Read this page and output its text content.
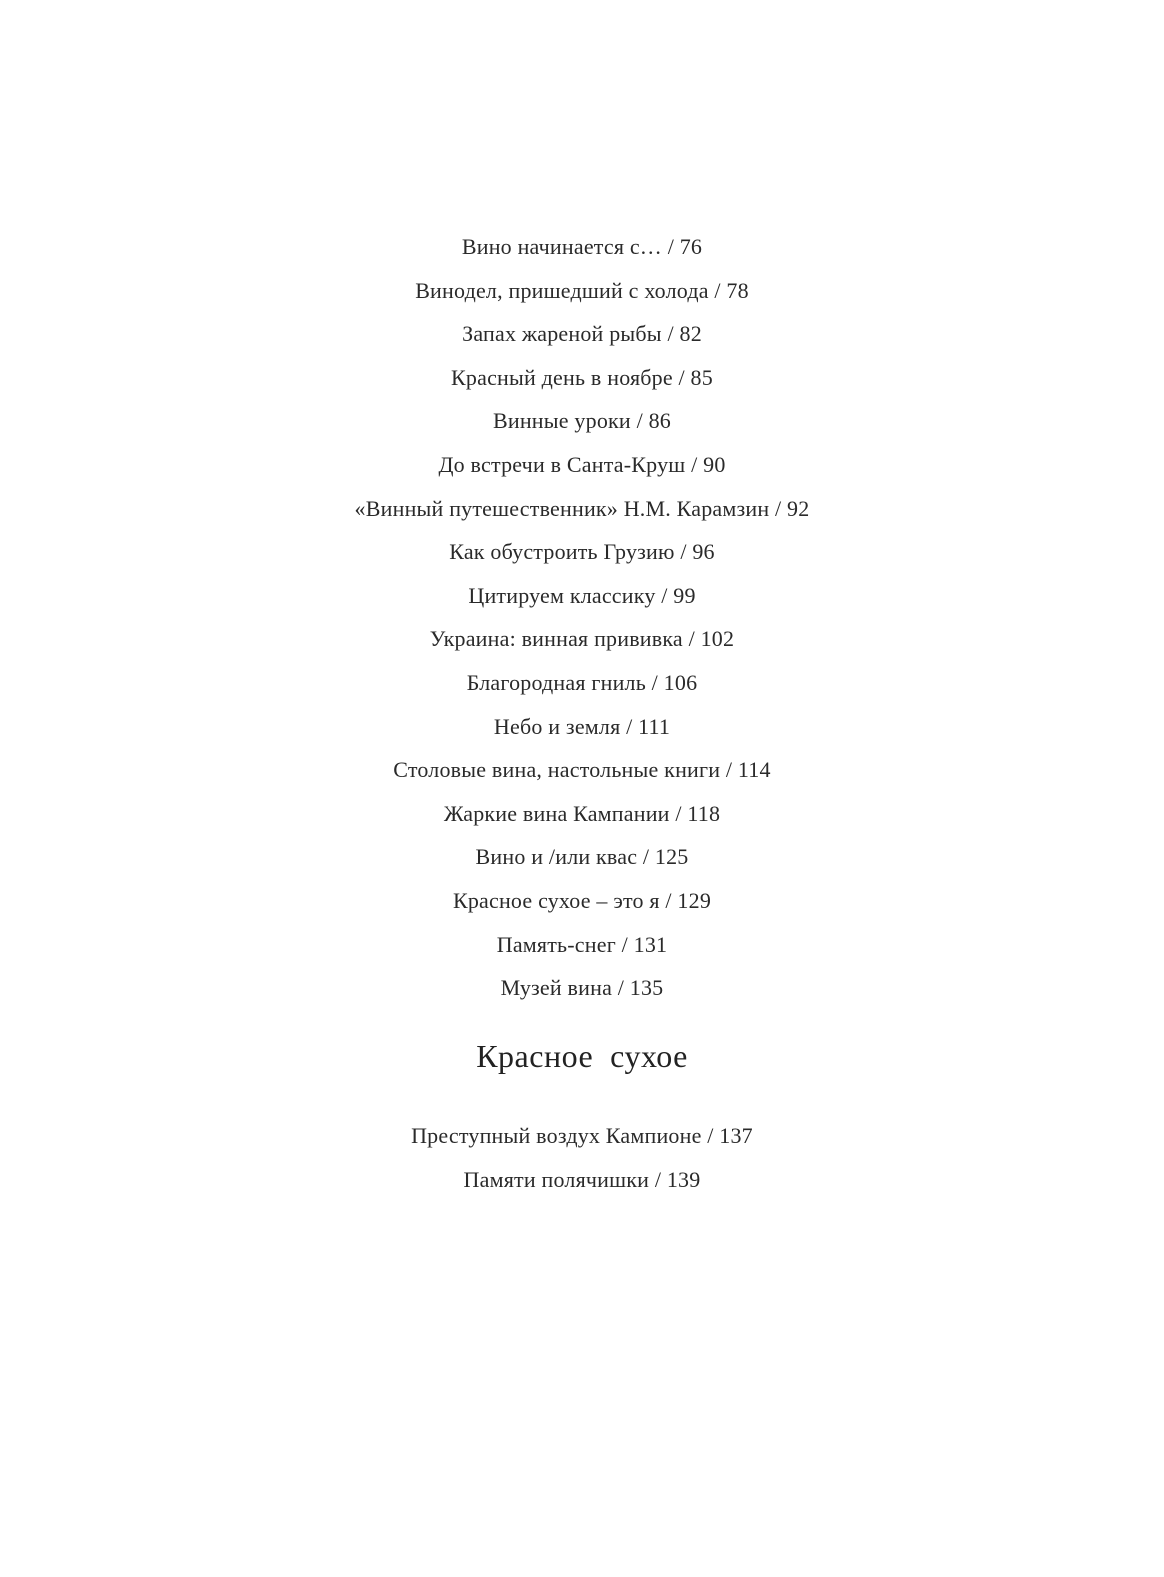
Вино начинается с… / 76
Винодел, пришедший с холода / 78
Запах жареной рыбы / 82
Красный день в ноябре / 85
Винные уроки / 86
До встречи в Санта-Круш / 90
«Винный путешественник» Н.М. Карамзин / 92
Как обустроить Грузию / 96
Цитируем классику / 99
Украина: винная прививка / 102
Благородная гниль / 106
Небо и земля / 111
Столовые вина, настольные книги / 114
Жаркие вина Кампании / 118
Вино и /или квас / 125
Красное сухое – это я / 129
Память-снег / 131
Музей вина / 135
Красное  сухое
Преступный воздух Кампионе / 137
Памяти полячишки / 139
